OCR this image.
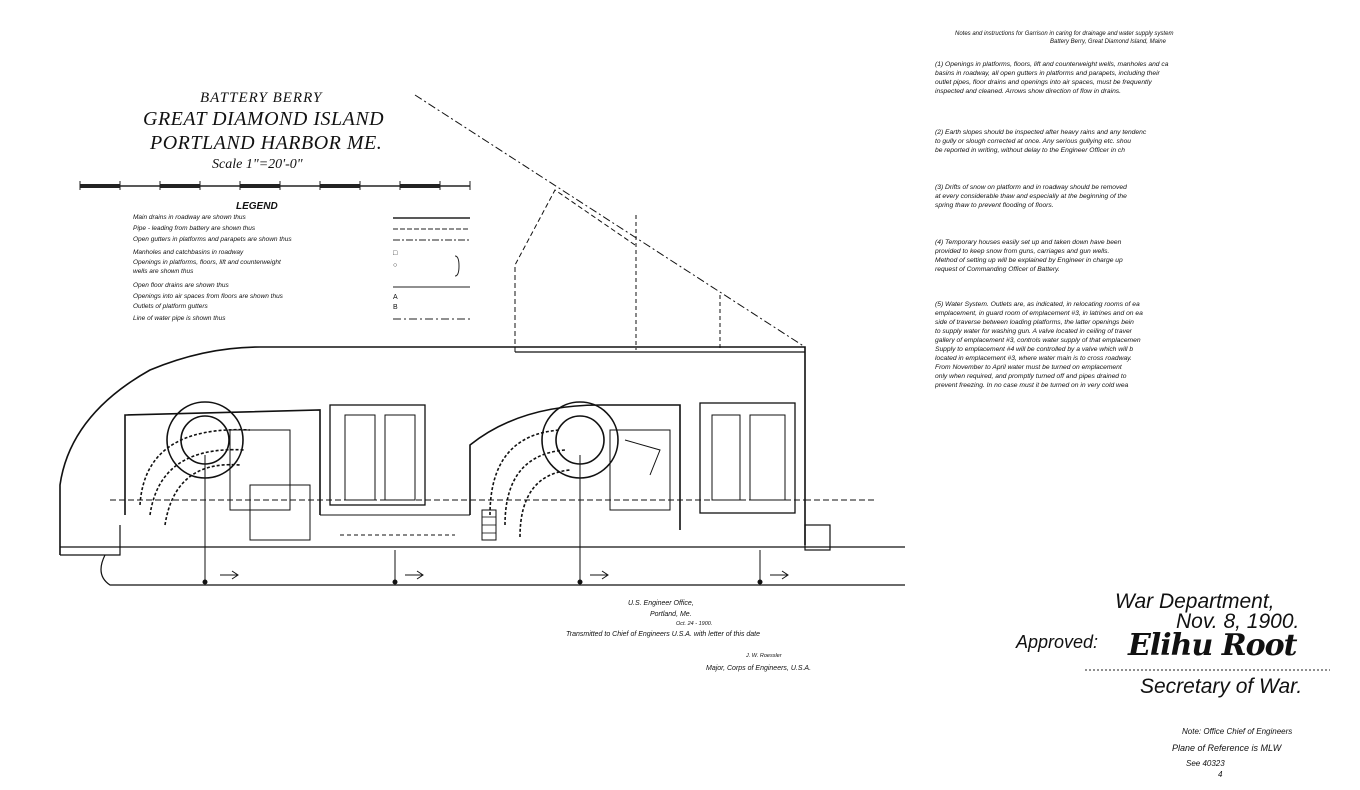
BATTERY BERRY
GREAT DIAMOND ISLAND
PORTLAND HARBOR ME.
Scale 1"=20'-0"
LEGEND
Main drains in roadway are shown thus
Pipe - leading from battery are shown thus
Open gutters in platforms and parapets are shown thus
Manholes and catchbasins in roadway
Openings in platforms, floors, lift and counterweight
wells are shown thus
Open floor drains are shown thus
Openings into air spaces from floors are shown thus
Outlets of platform gutters
Line of water pipe is shown thus
□
○
A
B

Notes and instructions for Garrison in caring for drainage and water supply system

Battery Berry, Great Diamond Island, Maine

(1) Openings in platforms, floors, lift and counterweight wells, manholes and ca

basins in roadway, all open gutters in platforms and parapets, including their

outlet pipes, floor drains and openings into air spaces, must be frequently

inspected and cleaned. Arrows show direction of flow in drains.

(2) Earth slopes should be inspected after heavy rains and any tendenc

to gully or slough corrected at once. Any serious gullying etc. shou

be reported in writing, without delay to the Engineer Officer in ch

(3) Drifts of snow on platform and in roadway should be removed

at every considerable thaw and especially at the beginning of the

spring thaw to prevent flooding of floors.

(4) Temporary houses easily set up and taken down have been

provided to keep snow from guns, carriages and gun wells.

Method of setting up will be explained by Engineer in charge up

request of Commanding Officer of Battery.

(5) Water System. Outlets are, as indicated, in relocating rooms of ea

emplacement, in guard room of emplacement #3, in latrines and on ea

side of traverse between loading platforms, the latter openings bein

to supply water for washing gun. A valve located in ceiling of traver

gallery of emplacement #3, controls water supply of that emplacemen

Supply to emplacement #4 will be controlled by a valve which will b

located in emplacement #3, where water main is to cross roadway.

From November to April water must be turned on emplacement

only when required, and promptly turned off and pipes drained to

prevent freezing. In no case must it be turned on in very cold wea

U.S. Engineer Office,
Portland, Me.
Oct. 24 - 1900.
Transmitted to Chief of Engineers U.S.A. with letter of this date
J. W. Roessler
Major, Corps of Engineers, U.S.A.
War Department,
Nov. 8, 1900.
Approved: Elihu Root
Secretary of War.
Note: Office Chief of Engineers
Plane of Reference is MLW
See 40323
4
